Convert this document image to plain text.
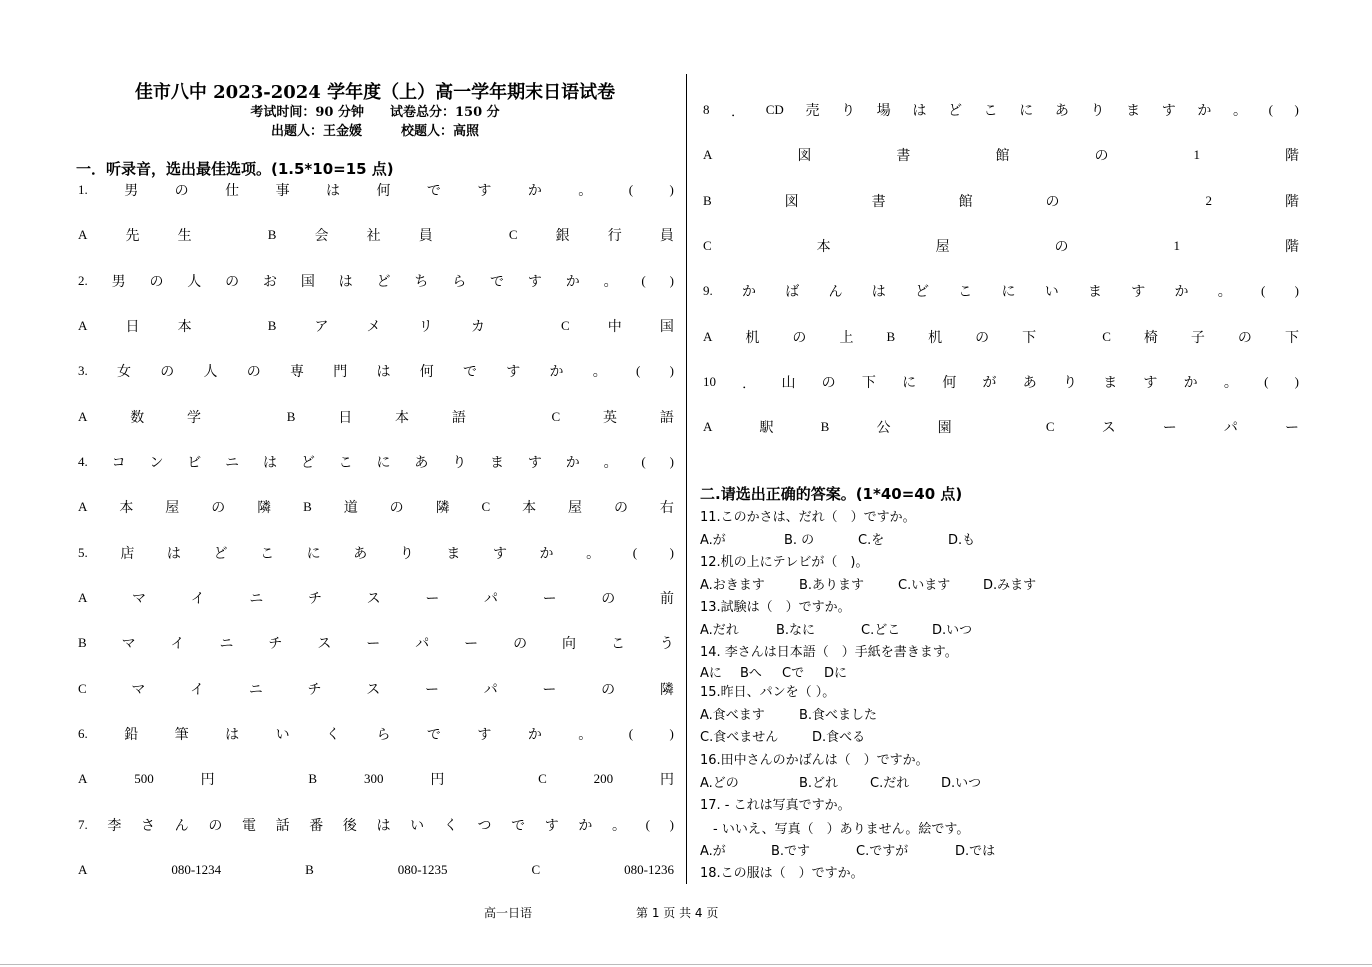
佳市八中 2023-2024 学年度（上）高一学年期末日语试卷
考试时间：90 分钟　　试卷总分：150 分
出题人：王金媛　　　校题人：高照
一．听录音，选出最佳选项。(1.5*10=15 点)
1.	男	の	仕	事	は	何	で	す	か	。	(	)
A	先	生	B	会	社	員	C	銀	行	員
2. 男 の 人 の お 国 は ど ち ら で す か 。 ( )
A	日	本	B	ア	メ	リ	カ	C	中	国
3. 女 の 人 の 専 門 は 何 で す か 。 ( )
A	数	学	B	日	本	語	C	英	語
4. コ ン ビ ニ は ど こ に あ り ま す か 。 ( )
A 本 屋 の 隣 B 道 の 隣 C 本 屋 の 右
5. 店 は ど こ に あ り ま す か 。	(	)
A	マ	イ	ニ	チ	ス	ー	パ	ー	の	前
B マ イ ニ チ ス ー パ ー の 向 こ う
C	マ	イ	ニ	チ	ス	ー	パ	ー	の	隣
6.	鉛	筆	は	い	く	ら	で	す	か	。	(	)
A	500	円	B	300	円	C	200	円
7. 李 さ ん の 電 話 番 後 は い く つ で す か 。 ( )
A	080-1234	B	080-1235	C	080-1236
8 ． CD 売 り 場 は ど こ に あ り ま す か 。 ( )
A	図	書	館	の	1	階
B	図	書	館	の	2	階
C	本	屋	の	1	階
9. か ば ん は ど こ に い ま す か 。 ( )
A 机 の 上	B 机 の 下	C 椅 子 の 下
10 ． 山 の 下 に 何 が あ り ま す か 。 ( )
A	駅	B	公	園	C	ス	ー	パ	ー
二.请选出正确的答案。(1*40=40 点)
11.このかさは、だれ（　）ですか。
A.が	B. の	C.を	D.も
12.机の上にテレビが（　)。
A.おきます	B.あります	C.います	D.みます
13.試験は（　）ですか。
A.だれ	B.なに	C.どこ D.いつ
14. 李さんは日本語（　）手紙を書きます。
Aに Bへ Cで Dに
15.昨日、パンを（ ）。
A.食べます	B.食べました
C.食べません	D.食べる
16.田中さんのかばんは（　）ですか。
A.どの	B.どれ C.だれ D.いつ
17. - これは写真ですか。
　- いいえ、写真（　）ありません。絵です。
A.が	B.です	C.ですが	D.では
18.この服は（　）ですか。
高一日语	第 1 页 共 4 页
